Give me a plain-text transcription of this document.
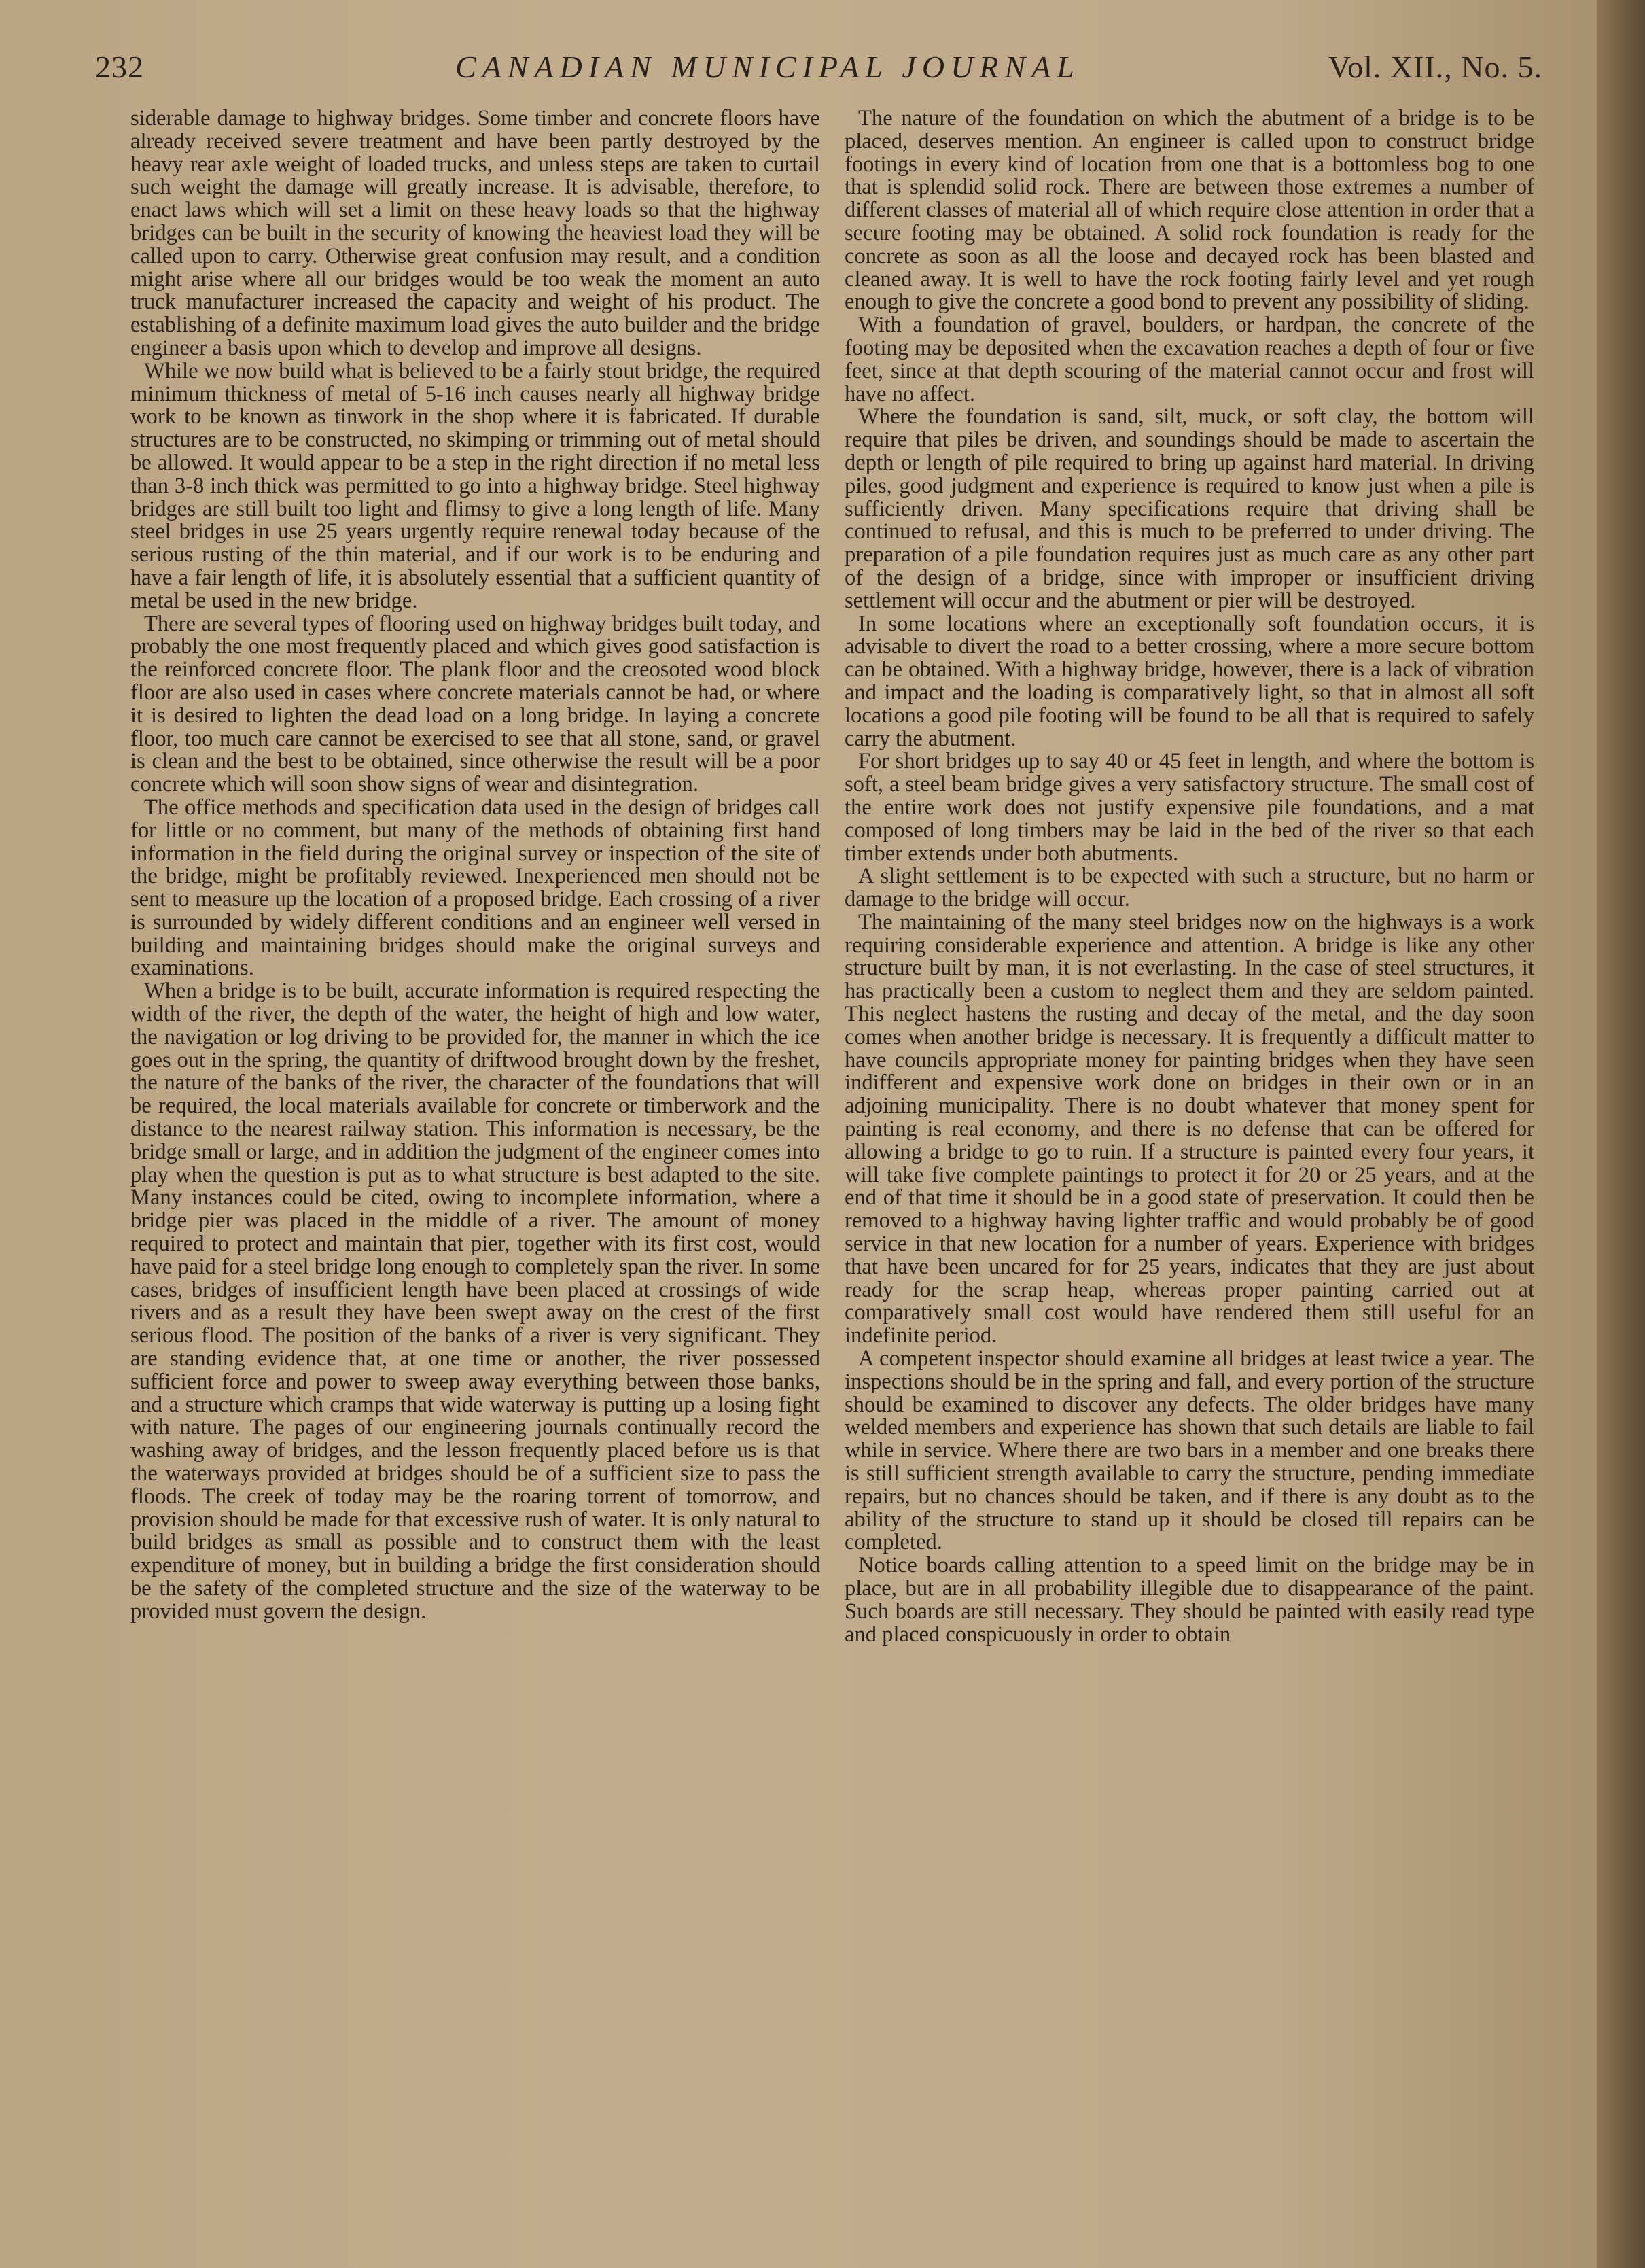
232	CANADIAN MUNICIPAL JOURNAL	Vol. XII., No. 5.

siderable damage to highway bridges. Some timber and concrete floors have already received severe treatment and have been partly destroyed by the heavy rear axle weight of loaded trucks, and unless steps are taken to curtail such weight the damage will greatly increase. It is advisable, therefore, to enact laws which will set a limit on these heavy loads so that the highway bridges can be built in the security of knowing the heaviest load they will be called upon to carry. Otherwise great confusion may result, and a condition might arise where all our bridges would be too weak the moment an auto truck manufacturer increased the capacity and weight of his product. The establishing of a definite maximum load gives the auto builder and the bridge engineer a basis upon which to develop and improve all designs.

While we now build what is believed to be a fairly stout bridge, the required minimum thickness of metal of 5-16 inch causes nearly all highway bridge work to be known as tinwork in the shop where it is fabricated. If durable structures are to be constructed, no skimping or trimming out of metal should be allowed. It would appear to be a step in the right direction if no metal less than 3-8 inch thick was permitted to go into a highway bridge. Steel highway bridges are still built too light and flimsy to give a long length of life. Many steel bridges in use 25 years urgently require renewal today because of the serious rusting of the thin material, and if our work is to be enduring and have a fair length of life, it is absolutely essential that a sufficient quantity of metal be used in the new bridge.

There are several types of flooring used on highway bridges built today, and probably the one most frequently placed and which gives good satisfaction is the reinforced concrete floor. The plank floor and the creosoted wood block floor are also used in cases where concrete materials cannot be had, or where it is desired to lighten the dead load on a long bridge. In laying a concrete floor, too much care cannot be exercised to see that all stone, sand, or gravel is clean and the best to be obtained, since otherwise the result will be a poor concrete which will soon show signs of wear and disintegration.

The office methods and specification data used in the design of bridges call for little or no comment, but many of the methods of obtaining first hand information in the field during the original survey or inspection of the site of the bridge, might be profitably reviewed. Inexperienced men should not be sent to measure up the location of a proposed bridge. Each crossing of a river is surrounded by widely different conditions and an engineer well versed in building and maintaining bridges should make the original surveys and examinations.

When a bridge is to be built, accurate information is required respecting the width of the river, the depth of the water, the height of high and low water, the navigation or log driving to be provided for, the manner in which the ice goes out in the spring, the quantity of driftwood brought down by the freshet, the nature of the banks of the river, the character of the foundations that will be required, the local materials available for concrete or timberwork and the distance to the nearest railway station. This information is necessary, be the bridge small or large, and in addition the judgment of the engineer comes into play when the question is put as to what structure is best adapted to the site. Many instances could be cited, owing to incomplete information, where a bridge pier was placed in the middle of a river. The amount of money required to protect and maintain that pier, together with its first cost, would have paid for a steel bridge long enough to completely span the river. In some cases, bridges of insufficient length have been placed at crossings of wide rivers and as a result they have been swept away on the crest of the first serious flood. The position of the banks of a river is very significant. They are standing evidence that, at one time or another, the river possessed sufficient force and power to sweep away everything between those banks, and a structure which cramps that wide waterway is putting up a losing fight with nature. The pages of our engineering journals continually record the washing away of bridges, and the lesson frequently placed before us is that the waterways provided at bridges should be of a sufficient size to pass the floods. The creek of today may be the roaring torrent of tomorrow, and provision should be made for that excessive rush of water. It is only natural to build bridges as small as possible and to construct them with the least expenditure of money, but in building a bridge the first consideration should be the safety of the completed structure and the size of the waterway to be provided must govern the design.

The nature of the foundation on which the abutment of a bridge is to be placed, deserves mention. An engineer is called upon to construct bridge footings in every kind of location from one that is a bottomless bog to one that is splendid solid rock. There are between those extremes a number of different classes of material all of which require close attention in order that a secure footing may be obtained. A solid rock foundation is ready for the concrete as soon as all the loose and decayed rock has been blasted and cleaned away. It is well to have the rock footing fairly level and yet rough enough to give the concrete a good bond to prevent any possibility of sliding.

With a foundation of gravel, boulders, or hardpan, the concrete of the footing may be deposited when the excavation reaches a depth of four or five feet, since at that depth scouring of the material cannot occur and frost will have no affect.

Where the foundation is sand, silt, muck, or soft clay, the bottom will require that piles be driven, and soundings should be made to ascertain the depth or length of pile required to bring up against hard material. In driving piles, good judgment and experience is required to know just when a pile is sufficiently driven. Many specifications require that driving shall be continued to refusal, and this is much to be preferred to under driving. The preparation of a pile foundation requires just as much care as any other part of the design of a bridge, since with improper or insufficient driving settlement will occur and the abutment or pier will be destroyed.

In some locations where an exceptionally soft foundation occurs, it is advisable to divert the road to a better crossing, where a more secure bottom can be obtained. With a highway bridge, however, there is a lack of vibration and impact and the loading is comparatively light, so that in almost all soft locations a good pile footing will be found to be all that is required to safely carry the abutment.

For short bridges up to say 40 or 45 feet in length, and where the bottom is soft, a steel beam bridge gives a very satisfactory structure. The small cost of the entire work does not justify expensive pile foundations, and a mat composed of long timbers may be laid in the bed of the river so that each timber extends under both abutments.

A slight settlement is to be expected with such a structure, but no harm or damage to the bridge will occur.

The maintaining of the many steel bridges now on the highways is a work requiring considerable experience and attention. A bridge is like any other structure built by man, it is not everlasting. In the case of steel structures, it has practically been a custom to neglect them and they are seldom painted. This neglect hastens the rusting and decay of the metal, and the day soon comes when another bridge is necessary. It is frequently a difficult matter to have councils appropriate money for painting bridges when they have seen indifferent and expensive work done on bridges in their own or in an adjoining municipality. There is no doubt whatever that money spent for painting is real economy, and there is no defense that can be offered for allowing a bridge to go to ruin. If a structure is painted every four years, it will take five complete paintings to protect it for 20 or 25 years, and at the end of that time it should be in a good state of preservation. It could then be removed to a highway having lighter traffic and would probably be of good service in that new location for a number of years. Experience with bridges that have been uncared for for 25 years, indicates that they are just about ready for the scrap heap, whereas proper painting carried out at comparatively small cost would have rendered them still useful for an indefinite period.

A competent inspector should examine all bridges at least twice a year. The inspections should be in the spring and fall, and every portion of the structure should be examined to discover any defects. The older bridges have many welded members and experience has shown that such details are liable to fail while in service. Where there are two bars in a member and one breaks there is still sufficient strength available to carry the structure, pending immediate repairs, but no chances should be taken, and if there is any doubt as to the ability of the structure to stand up it should be closed till repairs can be completed.

Notice boards calling attention to a speed limit on the bridge may be in place, but are in all probability illegible due to disappearance of the paint. Such boards are still necessary. They should be painted with easily read type and placed conspicuously in order to obtain
